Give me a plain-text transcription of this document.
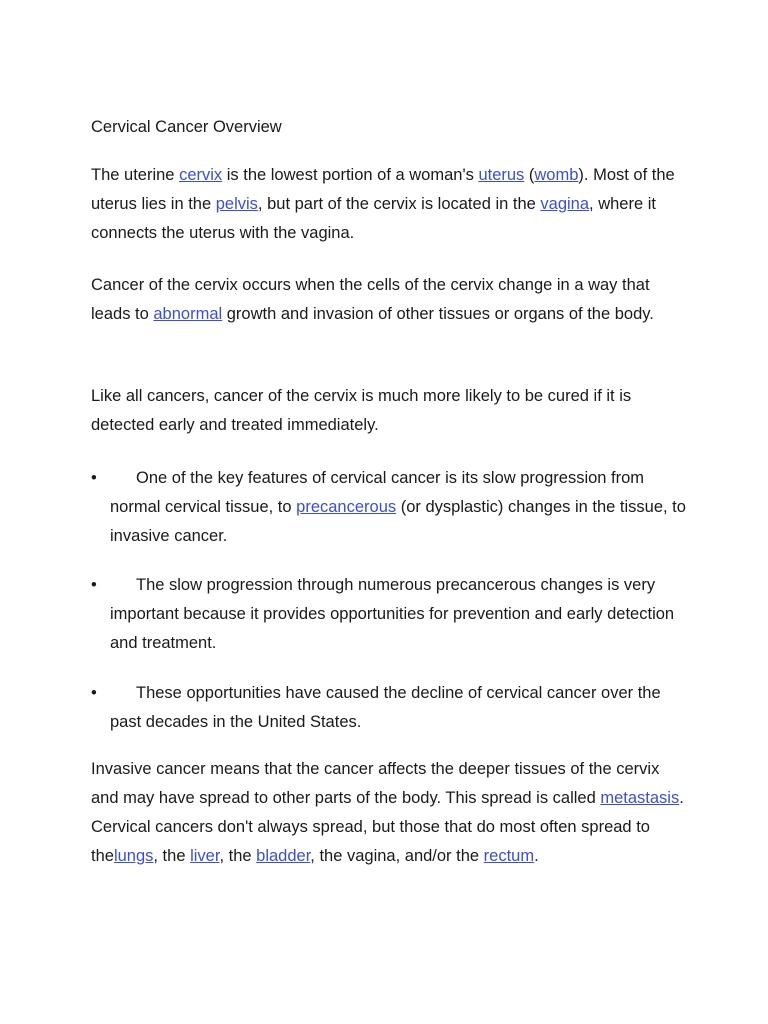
Cervical Cancer Overview

The uterine cervix is the lowest portion of a woman's uterus (womb). Most of the uterus lies in the pelvis, but part of the cervix is located in the vagina, where it connects the uterus with the vagina.

Cancer of the cervix occurs when the cells of the cervix change in a way that leads to abnormal growth and invasion of other tissues or organs of the body.

Like all cancers, cancer of the cervix is much more likely to be cured if it is detected early and treated immediately.

•	One of the key features of cervical cancer is its slow progression from normal cervical tissue, to precancerous (or dysplastic) changes in the tissue, to invasive cancer.
•	The slow progression through numerous precancerous changes is very important because it provides opportunities for prevention and early detection and treatment.
•	These opportunities have caused the decline of cervical cancer over the past decades in the United States.

Invasive cancer means that the cancer affects the deeper tissues of the cervix and may have spread to other parts of the body. This spread is called metastasis. Cervical cancers don't always spread, but those that do most often spread to thelungs, the liver, the bladder, the vagina, and/or the rectum.
